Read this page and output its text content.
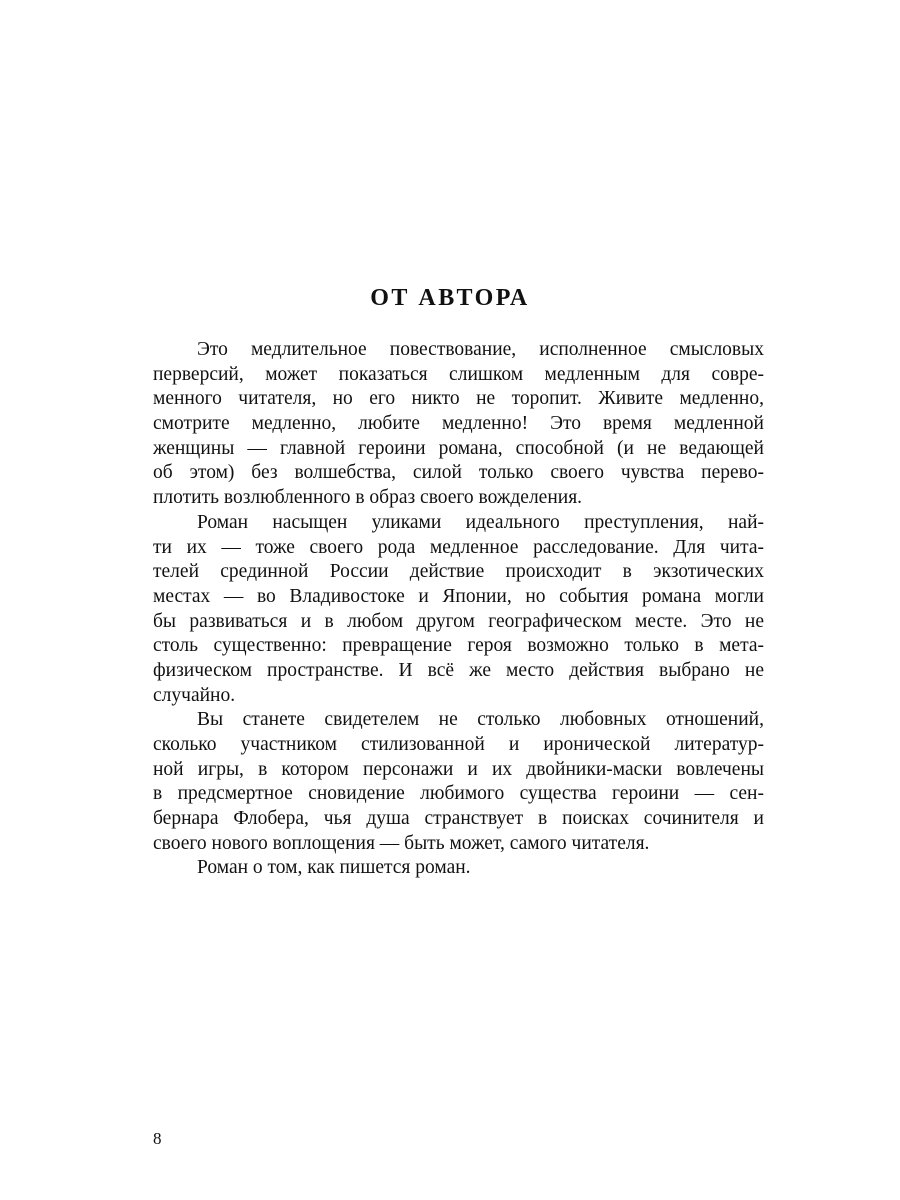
ОТ АВТОРА
Это медлительное повествование, исполненное смысловых
перверсий, может показаться слишком медленным для совре-
менного читателя, но его никто не торопит. Живите медленно,
смотрите медленно, любите медленно! Это время медленной
женщины — главной героини романа, способной (и не ведающей
об этом) без волшебства, силой только своего чувства перево-
плотить возлюбленного в образ своего вожделения.
Роман насыщен уликами идеального преступления, най-
ти их — тоже своего рода медленное расследование. Для чита-
телей срединной России действие происходит в экзотических
местах — во Владивостоке и Японии, но события романа могли
бы развиваться и в любом другом географическом месте. Это не
столь существенно: превращение героя возможно только в мета-
физическом пространстве. И всё же место действия выбрано не
случайно.
Вы станете свидетелем не столько любовных отношений,
сколько участником стилизованной и иронической литератур-
ной игры, в котором персонажи и их двойники-маски вовлечены
в предсмертное сновидение любимого существа героини — сен-
бернара Флобера, чья душа странствует в поисках сочинителя и
своего нового воплощения — быть может, самого читателя.
Роман о том, как пишется роман.
8
